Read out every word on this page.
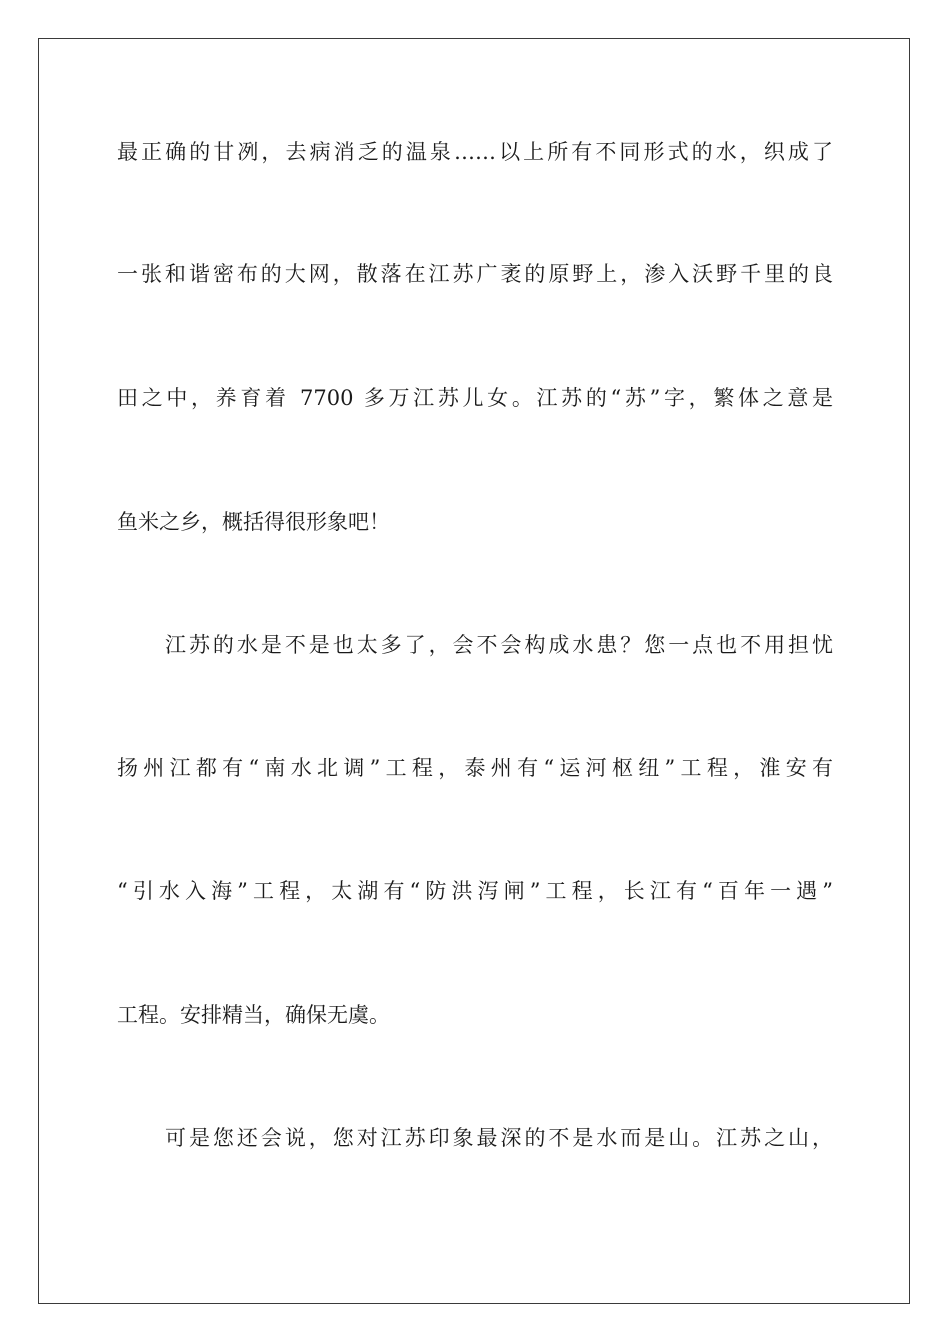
最正确的甘冽，去病消乏的温泉……以上所有不同形式的水，织成了
一张和谐密布的大网，散落在江苏广袤的原野上，渗入沃野千里的良
田之中，养育着 7700 多万江苏儿女。江苏的“苏”字，繁体之意是
鱼米之乡，概括得很形象吧！
江苏的水是不是也太多了，会不会构成水患？您一点也不用担忧
扬州江都有“南水北调”工程，泰州有“运河枢纽”工程，淮安有
“引水入海”工程，太湖有“防洪泻闸”工程，长江有“百年一遇”
工程。安排精当，确保无虞。
可是您还会说，您对江苏印象最深的不是水而是山。江苏之山，
